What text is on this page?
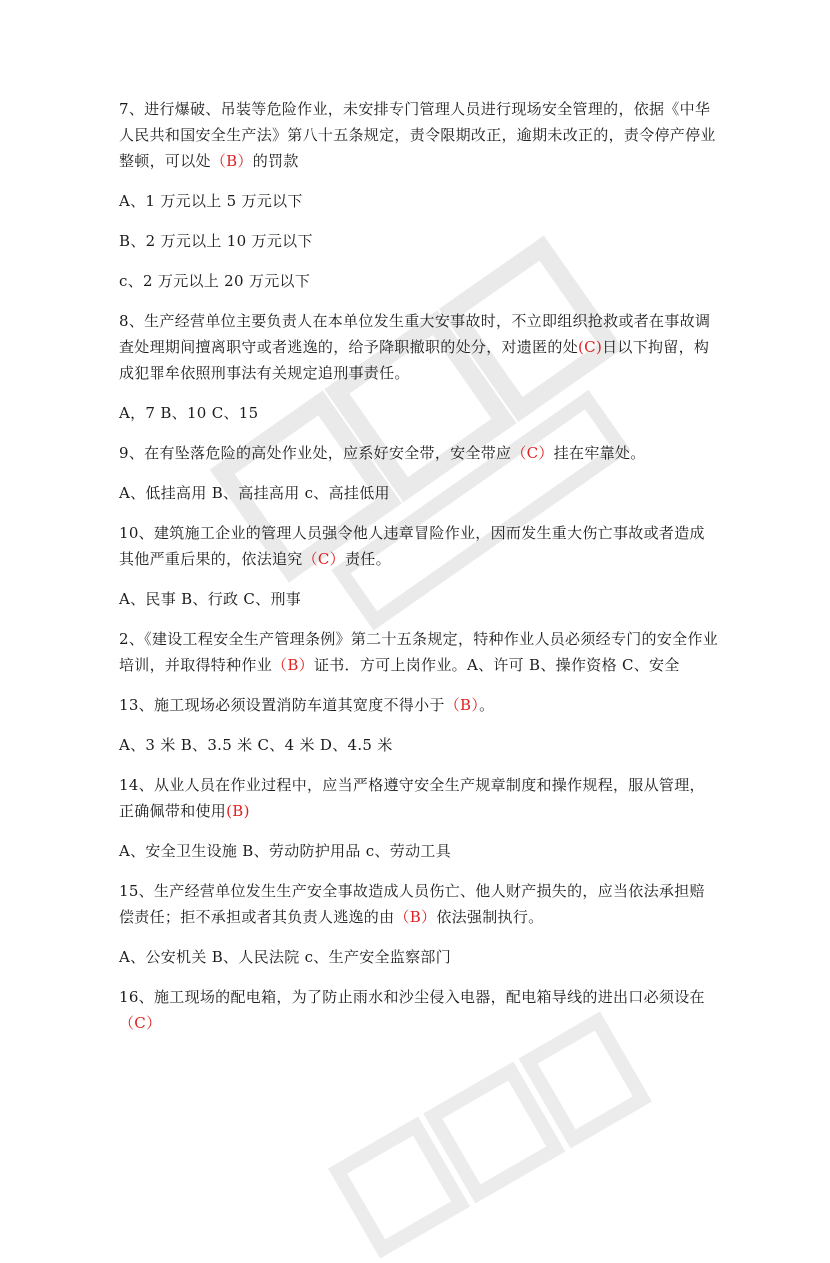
7、进行爆破、吊装等危险作业，未安排专门管理人员进行现场安全管理的，依据《中华人民共和国安全生产法》第八十五条规定，责令限期改正，逾期未改正的，责令停产停业整顿，可以处（B）的罚款

A、1 万元以上 5 万元以下

B、2 万元以上 10 万元以下

c、2 万元以上 20 万元以下

8、生产经营单位主要负责人在本单位发生重大安事故时，不立即组织抢救或者在事故调查处理期间擅离职守或者逃逸的，给予降职撤职的处分，对遗匿的处(C)日以下拘留，构成犯罪牟依照刑事法有关规定追刑事责任。

A，7 B、10 C、15

9、在有坠落危险的高处作业处，应系好安全带，安全带应（C）挂在牢靠处。

A、低挂高用 B、高挂高用 c、高挂低用

10、建筑施工企业的管理人员强令他人违章冒险作业，因而发生重大伤亡事故或者造成其他严重后果的，依法追究（C）责任。

A、民事 B、行政 C、刑事

2、《建设工程安全生产管理条例》第二十五条规定，特种作业人员必须经专门的安全作业培训，并取得特种作业（B）证书．方可上岗作业。A、许可 B、操作资格 C、安全

13、施工现场必须设置消防车道其宽度不得小于（B）。

A、3 米 B、3.5 米 C、4 米 D、4.5 米

14、从业人员在作业过程中，应当严格遵守安全生产规章制度和操作规程，服从管理，正确佩带和使用(B)

A、安全卫生设施 B、劳动防护用品 c、劳动工具

15、生产经营单位发生生产安全事故造成人员伤亡、他人财产损失的，应当依法承担赔偿责任；拒不承担或者其负责人逃逸的由（B）依法强制执行。

A、公安机关 B、人民法院 c、生产安全监察部门

16、施工现场的配电箱，为了防止雨水和沙尘侵入电器，配电箱导线的进出口必须设在（C）
